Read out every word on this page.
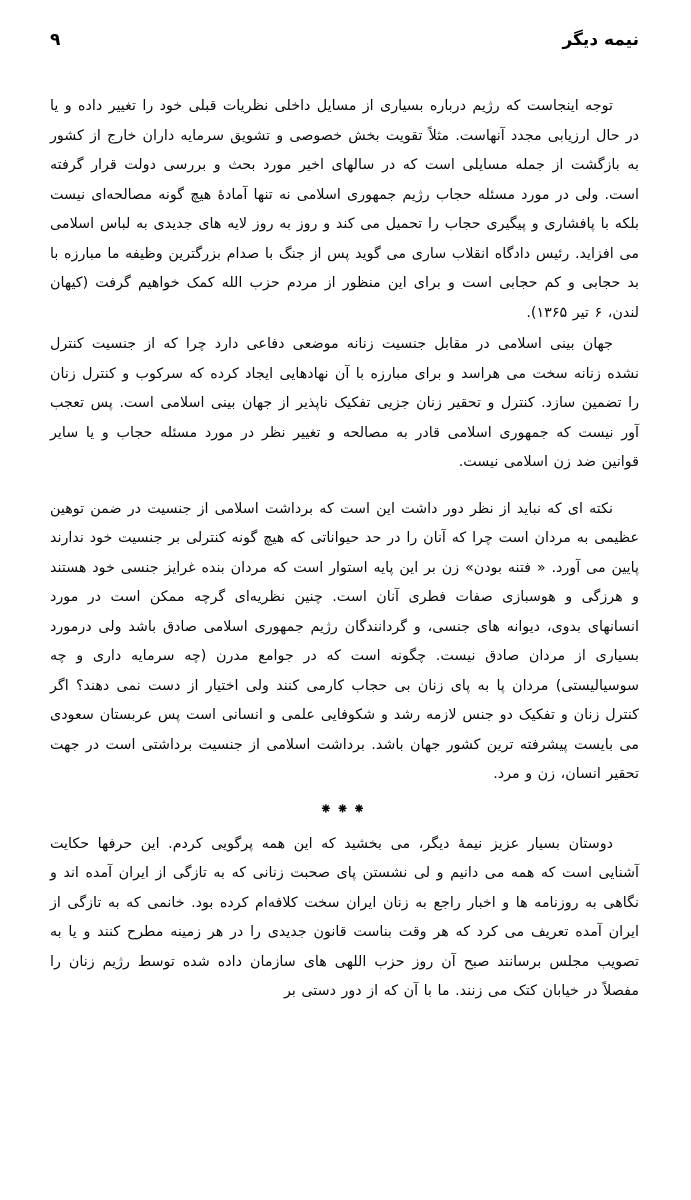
نیمه دیگر
۹

توجه اینجاست که رژیم درباره بسیاری از مسایل داخلی نظریات قبلی خود را تغییر داده و یا در حال ارزیابی مجدد آنهاست. مثلاً تقویت بخش خصوصی و تشویق سرمایه داران خارج از کشور به بازگشت از جمله مسایلی است که در سالهای اخیر مورد بحث و بررسی دولت قرار گرفته است. ولی در مورد مسئله حجاب رژیم جمهوری اسلامی نه تنها آمادهٔ هیچ گونه مصالحه‌ای نیست بلکه با پافشاری و پیگیری حجاب را تحمیل می کند و روز به روز لایه های جدیدی به لباس اسلامی می افزاید. رئیس دادگاه انقلاب ساری می گوید پس از جنگ با صدام بزرگترین وظیفه ما مبارزه با بد حجابی و کم حجابی است و برای این منظور از مردم حزب الله کمک خواهیم گرفت (کیهان لندن، ۶ تیر ۱۳۶۵).

جهان بینی اسلامی در مقابل جنسیت زنانه موضعی دفاعی دارد چرا که از جنسیت کنترل نشده زنانه سخت می هراسد و برای مبارزه با آن نهادهایی ایجاد کرده که سرکوب و کنترل زنان را تضمین سازد. کنترل و تحقیر زنان جزیی تفکیک ناپذیر از جهان بینی اسلامی است. پس تعجب آور نیست که جمهوری اسلامی قادر به مصالحه و تغییر نظر در مورد مسئله حجاب و یا سایر قوانین ضد زن اسلامی نیست.

نکته ای که نباید از نظر دور داشت این است که برداشت اسلامی از جنسیت در ضمن توهین عظیمی به مردان است چرا که آنان را در حد حیواناتی که هیچ گونه کنترلی بر جنسیت خود ندارند پایین می آورد. « فتنه بودن» زن بر این پایه استوار است که مردان بنده غرایز جنسی خود هستند و هرزگی و هوسبازی صفات فطری آنان است. چنین نظریه‌ای گرچه ممکن است در مورد انسانهای بدوی، دیوانه های جنسی، و گردانندگان رژیم جمهوری اسلامی صادق باشد ولی درمورد بسیاری از مردان صادق نیست. چگونه است که در جوامع مدرن (چه سرمایه داری و چه سوسیالیستی) مردان پا به پای زنان بی حجاب کارمی کنند ولی اختیار از دست نمی دهند؟ اگر کنترل زنان و تفکیک دو جنس لازمه رشد و شکوفایی علمی و انسانی است پس عربستان سعودی می بایست پیشرفته ترین کشور جهان باشد. برداشت اسلامی از جنسیت برداشتی است در جهت تحقیر انسان، زن و مرد.

⁕⁕⁕

دوستان بسیار عزیز نیمهٔ دیگر، می بخشید که این همه پرگویی کردم. این حرفها حکایت آشنایی است که همه می دانیم و لی نشستن پای صحبت زنانی که به تازگی از ایران آمده اند و نگاهی به روزنامه ها و اخبار راجع به زنان ایران سخت کلافه‌ام کرده بود. خانمی که به تازگی از ایران آمده تعریف می کرد که هر وقت بناست قانون جدیدی را در هر زمینه مطرح کنند و یا به تصویب مجلس برسانند صبح آن روز حزب اللهی های سازمان داده شده توسط رژیم زنان را مفصلاً در خیابان کتک می زنند. ما با آن که از دور دستی بر
